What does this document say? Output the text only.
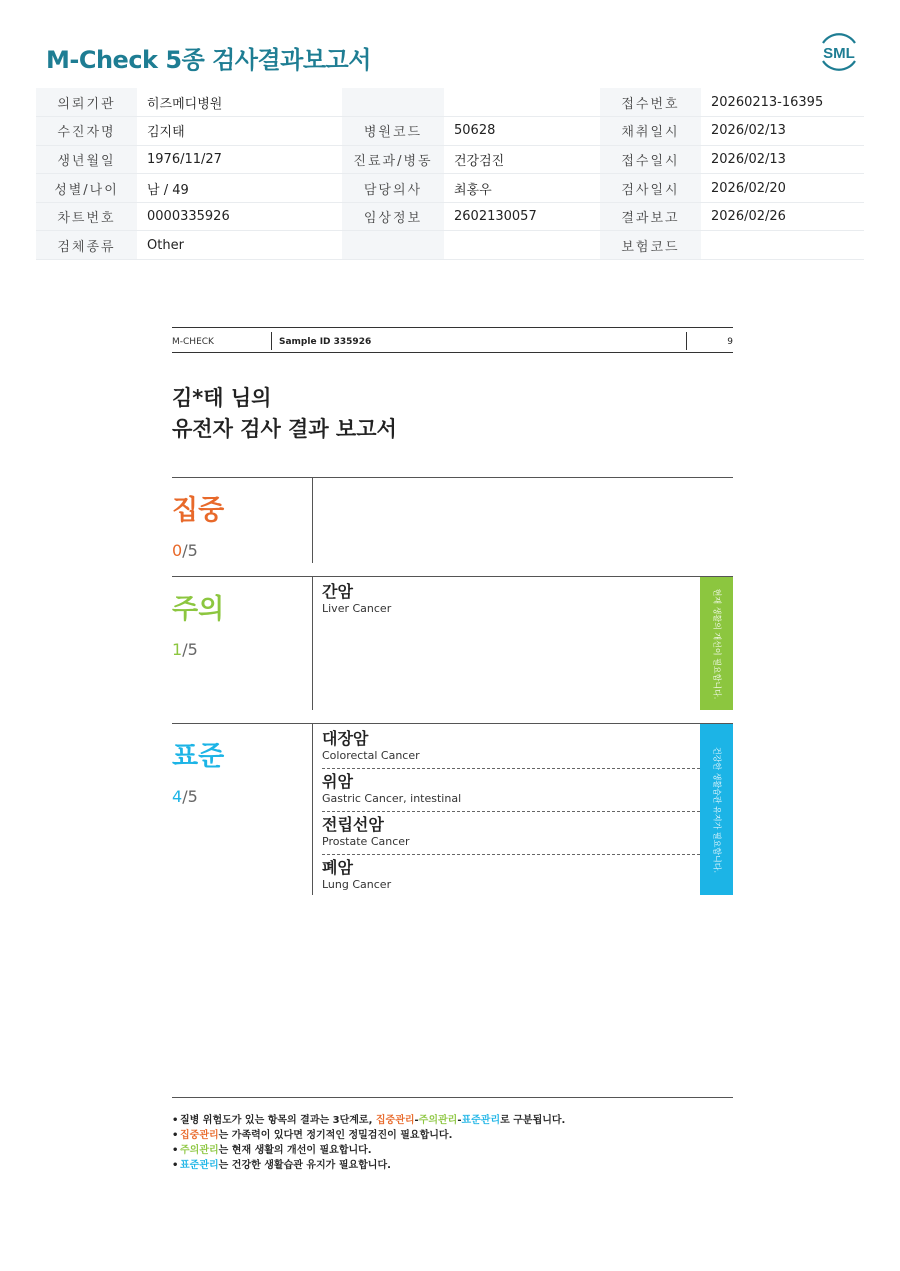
M-Check 5종 검사결과보고서	SML
의뢰기관	히즈메디병원			접수번호	20260213-16395
수진자명	김지태	병원코드	50628	채취일시	2026/02/13
생년월일	1976/11/27	진료과/병동	건강검진	접수일시	2026/02/13
성별/나이	남 / 49	담당의사	최홍우	검사일시	2026/02/20
차트번호	0000335926	임상정보	2602130057	결과보고	2026/02/26
검체종류	Other			보험코드	
M-CHECK	Sample ID 335926	9
김*태 님의
유전자 검사 결과 보고서
집중
0/5
주의
1/5
간암
Liver Cancer	현재 생활의 개선이 필요합니다.
표준
4/5
대장암
Colorectal Cancer
위암
Gastric Cancer, intestinal
전립선암
Prostate Cancer
폐암
Lung Cancer
건강한 생활습관 유지가 필요합니다.
• 질병 위험도가 있는 항목의 결과는 3단계로, 집중관리-주의관리-표준관리로 구분됩니다.
• 집중관리는 가족력이 있다면 정기적인 정밀검진이 필요합니다.
• 주의관리는 현재 생활의 개선이 필요합니다.
• 표준관리는 건강한 생활습관 유지가 필요합니다.
